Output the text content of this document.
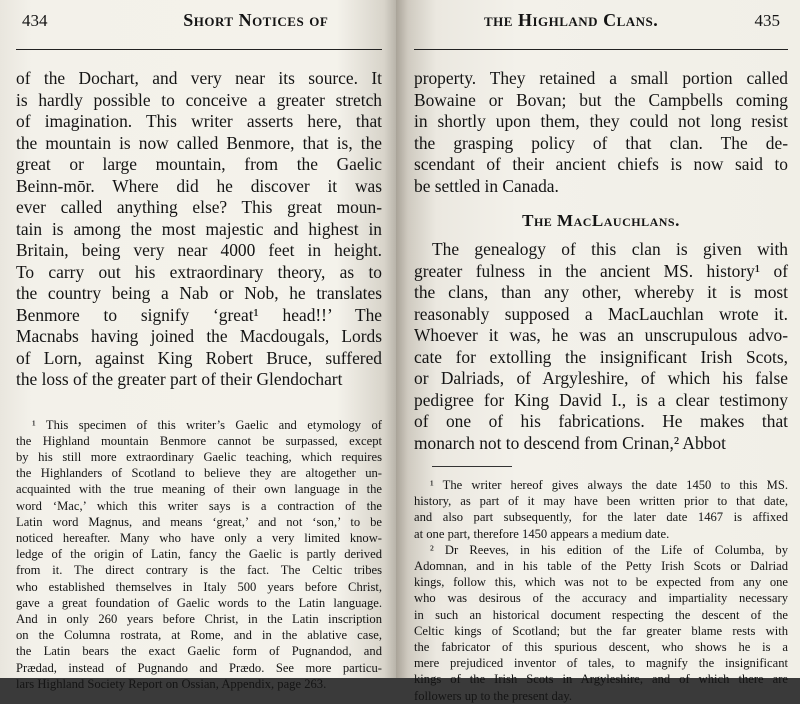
434	Short Notices of
of the Dochart, and very near its source. It
is hardly possible to conceive a greater stretch
of imagination. This writer asserts here, that
the mountain is now called Benmore, that is, the
great or large mountain, from the Gaelic
Beinn-mōr. Where did he discover it was
ever called anything else? This great moun-
tain is among the most majestic and highest in
Britain, being very near 4000 feet in height.
To carry out his extraordinary theory, as to
the country being a Nab or Nob, he translates
Benmore to signify ‘great¹ head!!’ The
Macnabs having joined the Macdougals, Lords
of Lorn, against King Robert Bruce, suffered
the loss of the greater part of their Glendochart
¹ This specimen of this writer’s Gaelic and etymology of
the Highland mountain Benmore cannot be surpassed, except
by his still more extraordinary Gaelic teaching, which requires
the Highlanders of Scotland to believe they are altogether un-
acquainted with the true meaning of their own language in the
word ‘Mac,’ which this writer says is a contraction of the
Latin word Magnus, and means ‘great,’ and not ‘son,’ to be
noticed hereafter. Many who have only a very limited know-
ledge of the origin of Latin, fancy the Gaelic is partly derived
from it. The direct contrary is the fact. The Celtic tribes
who established themselves in Italy 500 years before Christ,
gave a great foundation of Gaelic words to the Latin language.
And in only 260 years before Christ, in the Latin inscription
on the Columna rostrata, at Rome, and in the ablative case,
the Latin bears the exact Gaelic form of Pugnandod, and
Prædad, instead of Pugnando and Prædo. See more particu-
lars Highland Society Report on Ossian, Appendix, page 263.
the Highland Clans.	435
property. They retained a small portion called
Bowaine or Bovan; but the Campbells coming
in shortly upon them, they could not long resist
the grasping policy of that clan. The de-
scendant of their ancient chiefs is now said to
be settled in Canada.
The MacLauchlans.
The genealogy of this clan is given with
greater fulness in the ancient MS. history¹ of
the clans, than any other, whereby it is most
reasonably supposed a MacLauchlan wrote it.
Whoever it was, he was an unscrupulous advo-
cate for extolling the insignificant Irish Scots,
or Dalriads, of Argyleshire, of which his false
pedigree for King David I., is a clear testimony
of one of his fabrications. He makes that
monarch not to descend from Crinan,² Abbot
¹ The writer hereof gives always the date 1450 to this MS.
history, as part of it may have been written prior to that date,
and also part subsequently, for the later date 1467 is affixed
at one part, therefore 1450 appears a medium date.
² Dr Reeves, in his edition of the Life of Columba, by
Adomnan, and in his table of the Petty Irish Scots or Dalriad
kings, follow this, which was not to be expected from any one
who was desirous of the accuracy and impartiality necessary
in such an historical document respecting the descent of the
Celtic kings of Scotland; but the far greater blame rests with
the fabricator of this spurious descent, who shows he is a
mere prejudiced inventor of tales, to magnify the insignificant
kings of the Irish Scots in Argyleshire, and of which there are
followers up to the present day.
